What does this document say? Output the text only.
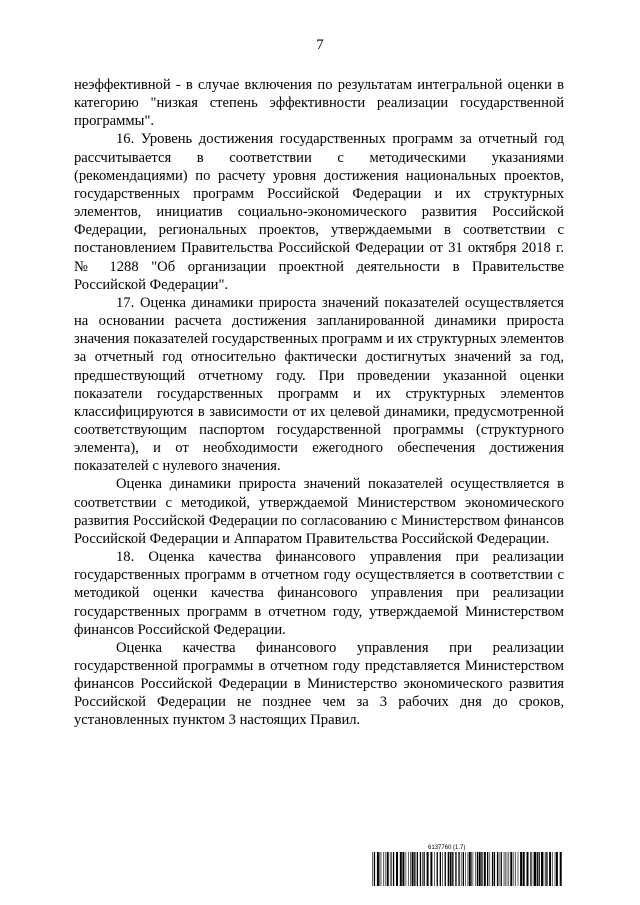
7

неэффективной - в случае включения по результатам интегральной оценки в категорию "низкая степень эффективности реализации государственной программы".

16. Уровень достижения государственных программ за отчетный год рассчитывается в соответствии с методическими указаниями (рекомендациями) по расчету уровня достижения национальных проектов, государственных программ Российской Федерации и их структурных элементов, инициатив социально-экономического развития Российской Федерации, региональных проектов, утверждаемыми в соответствии с постановлением Правительства Российской Федерации от 31 октября 2018 г. № 1288 "Об организации проектной деятельности в Правительстве Российской Федерации".

17. Оценка динамики прироста значений показателей осуществляется на основании расчета достижения запланированной динамики прироста значения показателей государственных программ и их структурных элементов за отчетный год относительно фактически достигнутых значений за год, предшествующий отчетному году. При проведении указанной оценки показатели государственных программ и их структурных элементов классифицируются в зависимости от их целевой динамики, предусмотренной соответствующим паспортом государственной программы (структурного элемента), и от необходимости ежегодного обеспечения достижения показателей с нулевого значения.

Оценка динамики прироста значений показателей осуществляется в соответствии с методикой, утверждаемой Министерством экономического развития Российской Федерации по согласованию с Министерством финансов Российской Федерации и Аппаратом Правительства Российской Федерации.

18. Оценка качества финансового управления при реализации государственных программ в отчетном году осуществляется в соответствии с методикой оценки качества финансового управления при реализации государственных программ в отчетном году, утверждаемой Министерством финансов Российской Федерации.

Оценка качества финансового управления при реализации государственной программы в отчетном году представляется Министерством финансов Российской Федерации в Министерство экономического развития Российской Федерации не позднее чем за 3 рабочих дня до сроков, установленных пунктом 3 настоящих Правил.

6137760 (1.7)
